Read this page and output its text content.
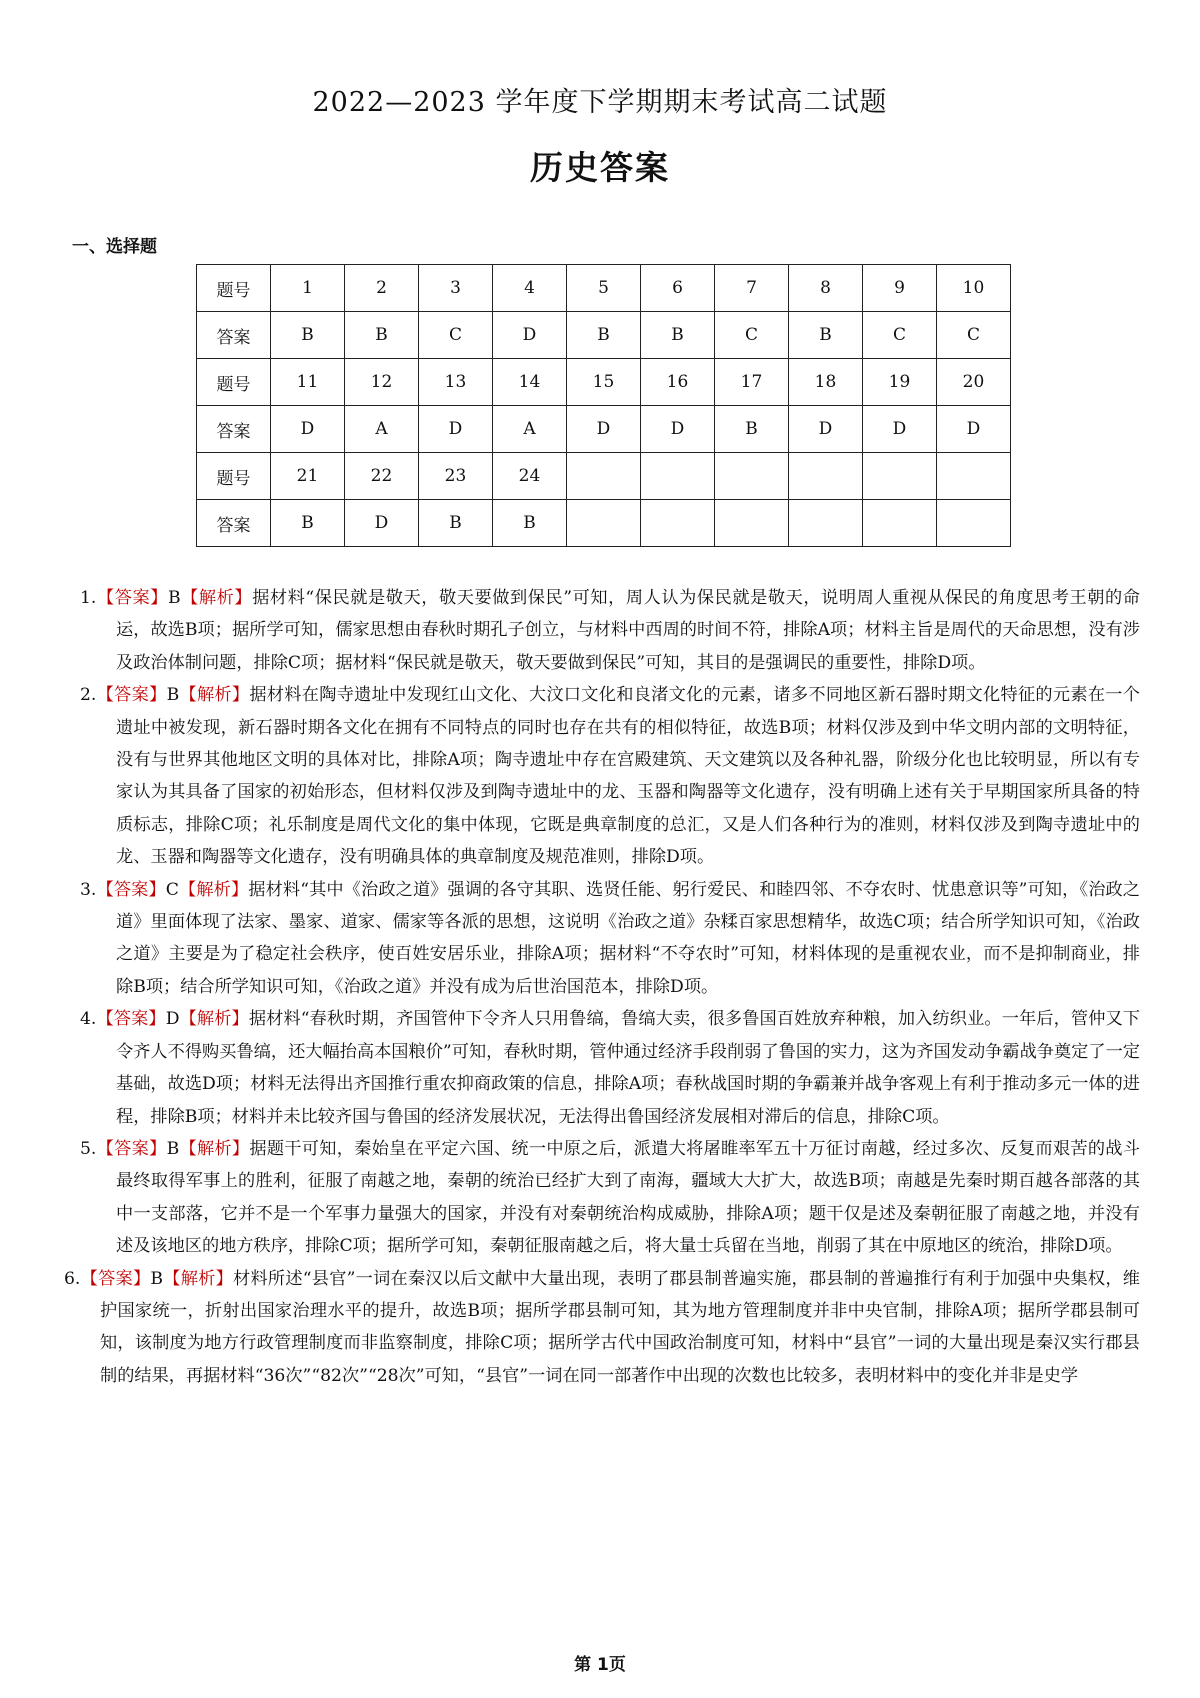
2022—2023 学年度下学期期末考试高二试题
历史答案
一、选择题
题号	1	2	3	4	5	6	7	8	9	10
答案	B	B	C	D	B	B	C	B	C	C
题号	11	12	13	14	15	16	17	18	19	20
答案	D	A	D	A	D	D	B	D	D	D
题号	21	22	23	24						
答案	B	D	B	B						

1.【答案】B【解析】据材料“保民就是敬天，敬天要做到保民”可知，周人认为保民就是敬天，说明周人重视从保民的角度思考王朝的命运，故选B项；据所学可知，儒家思想由春秋时期孔子创立，与材料中西周的时间不符，排除A项；材料主旨是周代的天命思想，没有涉及政治体制问题，排除C项；据材料“保民就是敬天，敬天要做到保民”可知，其目的是强调民的重要性，排除D项。

2.【答案】B【解析】据材料在陶寺遗址中发现红山文化、大汶口文化和良渚文化的元素，诸多不同地区新石器时期文化特征的元素在一个遗址中被发现，新石器时期各文化在拥有不同特点的同时也存在共有的相似特征，故选B项；材料仅涉及到中华文明内部的文明特征，没有与世界其他地区文明的具体对比，排除A项；陶寺遗址中存在宫殿建筑、天文建筑以及各种礼器，阶级分化也比较明显，所以有专家认为其具备了国家的初始形态，但材料仅涉及到陶寺遗址中的龙、玉器和陶器等文化遗存，没有明确上述有关于早期国家所具备的特质标志，排除C项；礼乐制度是周代文化的集中体现，它既是典章制度的总汇，又是人们各种行为的准则，材料仅涉及到陶寺遗址中的龙、玉器和陶器等文化遗存，没有明确具体的典章制度及规范准则，排除D项。

3.【答案】C【解析】据材料“其中《治政之道》强调的各守其职、选贤任能、躬行爱民、和睦四邻、不夺农时、忧患意识等”可知，《治政之道》里面体现了法家、墨家、道家、儒家等各派的思想，这说明《治政之道》杂糅百家思想精华，故选C项；结合所学知识可知，《治政之道》主要是为了稳定社会秩序，使百姓安居乐业，排除A项；据材料“不夺农时”可知，材料体现的是重视农业，而不是抑制商业，排除B项；结合所学知识可知，《治政之道》并没有成为后世治国范本，排除D项。

4.【答案】D【解析】据材料“春秋时期，齐国管仲下令齐人只用鲁缟，鲁缟大卖，很多鲁国百姓放弃种粮，加入纺织业。一年后，管仲又下令齐人不得购买鲁缟，还大幅抬高本国粮价”可知，春秋时期，管仲通过经济手段削弱了鲁国的实力，这为齐国发动争霸战争奠定了一定基础，故选D项；材料无法得出齐国推行重农抑商政策的信息，排除A项；春秋战国时期的争霸兼并战争客观上有利于推动多元一体的进程，排除B项；材料并未比较齐国与鲁国的经济发展状况，无法得出鲁国经济发展相对滞后的信息，排除C项。

5.【答案】B【解析】据题干可知，秦始皇在平定六国、统一中原之后，派遣大将屠睢率军五十万征讨南越，经过多次、反复而艰苦的战斗最终取得军事上的胜利，征服了南越之地，秦朝的统治已经扩大到了南海，疆域大大扩大，故选B项；南越是先秦时期百越各部落的其中一支部落，它并不是一个军事力量强大的国家，并没有对秦朝统治构成威胁，排除A项；题干仅是述及秦朝征服了南越之地，并没有述及该地区的地方秩序，排除C项；据所学可知，秦朝征服南越之后，将大量士兵留在当地，削弱了其在中原地区的统治，排除D项。

6.【答案】B【解析】材料所述“县官”一词在秦汉以后文献中大量出现，表明了郡县制普遍实施，郡县制的普遍推行有利于加强中央集权，维护国家统一，折射出国家治理水平的提升，故选B项；据所学郡县制可知，其为地方管理制度并非中央官制，排除A项；据所学郡县制可知，该制度为地方行政管理制度而非监察制度，排除C项；据所学古代中国政治制度可知，材料中“县官”一词的大量出现是秦汉实行郡县制的结果，再据材料“36次”“82次”“28次”可知，“县官”一词在同一部著作中出现的次数也比较多，表明材料中的变化并非是史学

第 1页
